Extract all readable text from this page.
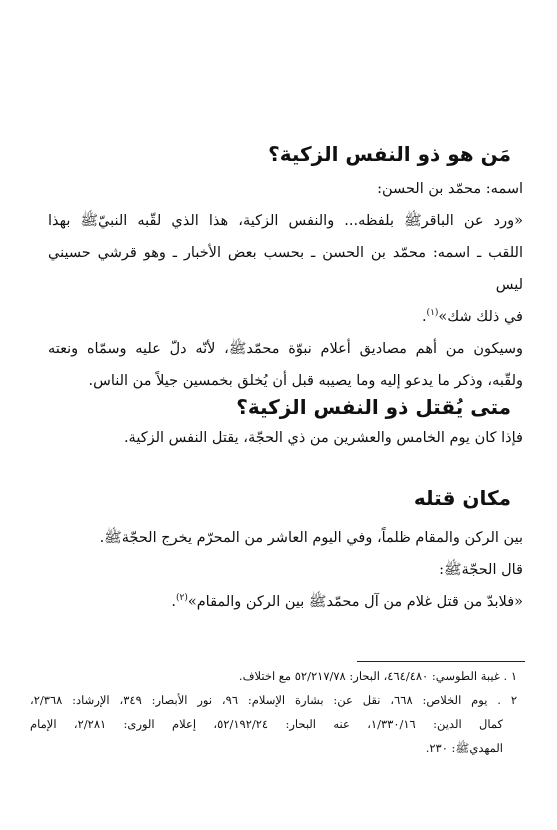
مَن هو ذو النفس الزكية؟

اسمه: محمّد بن الحسن:

«ورد عن الباقرﷺ بلفظه... والنفس الزكية، هذا الذي لقّبه النبيّﷺ بهذا
اللقب ـ اسمه: محمّد بن الحسن ـ بحسب بعض الأخبار ـ وهو قرشي حسيني ليس
في ذلك شك»$^{(١)}$.

وسيكون من أهم مصاديق أعلام نبوّة محمّدﷺ، لأنّه دلّ عليه وسمّاه ونعته
ولقّبه، وذكر ما يدعو إليه وما يصيبه قبل أن يُخلق بخمسين جيلاً من الناس.

متى يُقتل ذو النفس الزكية؟

فإذا كان يوم الخامس والعشرين من ذي الحجّة، يقتل النفس الزكية.

مكان قتله

بين الركن والمقام ظلماً، وفي اليوم العاشر من المحرّم يخرج الحجّةﷺ.

قال الحجّةﷺ:

«فلابدّ من قتل غلام من آل محمّدﷺ بين الركن والمقام»$^{(٢)}$.

١ . غيبة الطوسي: ٤٦٤/٤٨٠، البحار: ٥٢/٢١٧/٧٨ مع اختلاف.

٢ . يوم الخلاص: ٦٦٨، نقل عن: بشارة الإسلام: ٩٦، نور الأبصار: ٣٤٩، الإرشاد: ٢/٣٦٨،
كمال الدين: ١/٣٣٠/١٦، عنه البحار: ٥٢/١٩٢/٢٤، إعلام الورى: ٢/٢٨١، الإمام
المهديﷺ: ٢٣٠.
